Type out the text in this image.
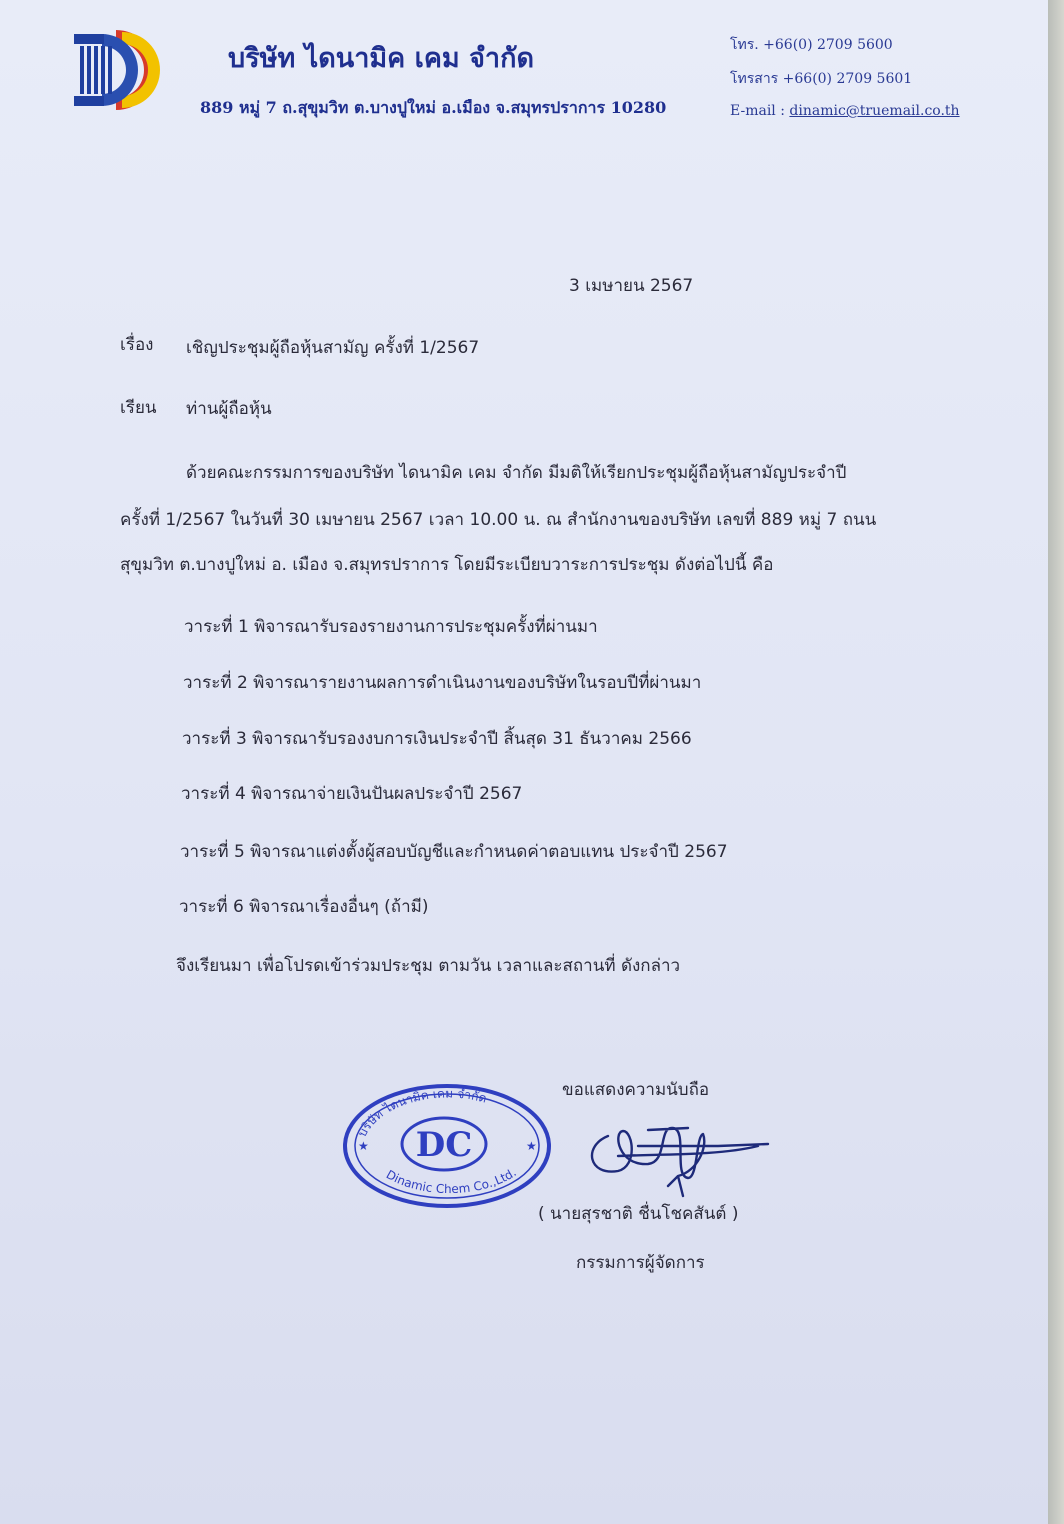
บริษัท ไดนามิค เคม จำกัด
889 หมู่ 7 ถ.สุขุมวิท ต.บางปูใหม่ อ.เมือง จ.สมุทรปราการ 10280
โทร. +66(0) 2709 5600
โทรสาร +66(0) 2709 5601
E-mail : dinamic@truemail.co.th
3 เมษายน 2567
เรื่อง เชิญประชุมผู้ถือหุ้นสามัญ ครั้งที่ 1/2567
เรียน ท่านผู้ถือหุ้น
ด้วยคณะกรรมการของบริษัท ไดนามิค เคม จำกัด มีมติให้เรียกประชุมผู้ถือหุ้นสามัญประจำปี
ครั้งที่ 1/2567 ในวันที่ 30 เมษายน 2567 เวลา 10.00 น. ณ สำนักงานของบริษัท เลขที่ 889 หมู่ 7 ถนน
สุขุมวิท ต.บางปูใหม่ อ. เมือง จ.สมุทรปราการ โดยมีระเบียบวาระการประชุม ดังต่อไปนี้ คือ
วาระที่ 1 พิจารณารับรองรายงานการประชุมครั้งที่ผ่านมา
วาระที่ 2 พิจารณารายงานผลการดำเนินงานของบริษัทในรอบปีที่ผ่านมา
วาระที่ 3 พิจารณารับรองงบการเงินประจำปี สิ้นสุด 31 ธันวาคม 2566
วาระที่ 4 พิจารณาจ่ายเงินปันผลประจำปี 2567
วาระที่ 5 พิจารณาแต่งตั้งผู้สอบบัญชีและกำหนดค่าตอบแทน ประจำปี 2567
วาระที่ 6 พิจารณาเรื่องอื่นๆ (ถ้ามี)
จึงเรียนมา เพื่อโปรดเข้าร่วมประชุม ตามวัน เวลาและสถานที่ ดังกล่าว
ขอแสดงความนับถือ
DC
บริษัท ไดนามิค เคม จำกัด
Dinamic Chem Co.,Ltd.
★	★
( นายสุรชาติ ชื่นโชคสันต์ )
กรรมการผู้จัดการ
